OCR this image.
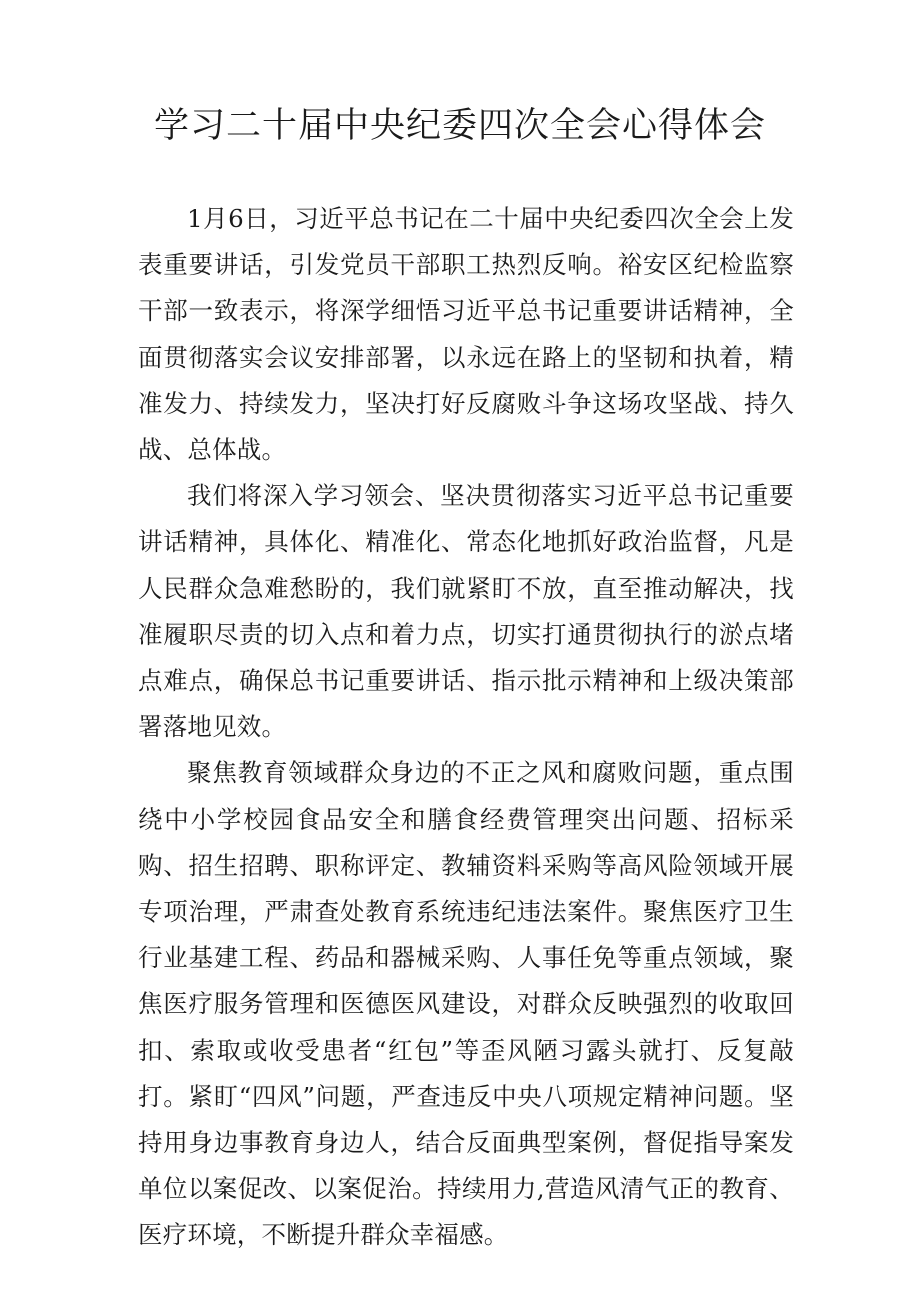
学习二十届中央纪委四次全会心得体会

1月6日，习近平总书记在二十届中央纪委四次全会上发表重要讲话，引发党员干部职工热烈反响。裕安区纪检监察干部一致表示，将深学细悟习近平总书记重要讲话精神，全面贯彻落实会议安排部署，以永远在路上的坚韧和执着，精准发力、持续发力，坚决打好反腐败斗争这场攻坚战、持久战、总体战。

我们将深入学习领会、坚决贯彻落实习近平总书记重要讲话精神，具体化、精准化、常态化地抓好政治监督，凡是人民群众急难愁盼的，我们就紧盯不放，直至推动解决，找准履职尽责的切入点和着力点，切实打通贯彻执行的淤点堵点难点，确保总书记重要讲话、指示批示精神和上级决策部署落地见效。

聚焦教育领域群众身边的不正之风和腐败问题，重点围绕中小学校园食品安全和膳食经费管理突出问题、招标采购、招生招聘、职称评定、教辅资料采购等高风险领域开展专项治理，严肃查处教育系统违纪违法案件。聚焦医疗卫生行业基建工程、药品和器械采购、人事任免等重点领域，聚焦医疗服务管理和医德医风建设，对群众反映强烈的收取回扣、索取或收受患者“红包”等歪风陋习露头就打、反复敲打。紧盯“四风”问题，严查违反中央八项规定精神问题。坚持用身边事教育身边人，结合反面典型案例，督促指导案发单位以案促改、以案促治。持续用力,营造风清气正的教育、医疗环境，不断提升群众幸福感。
